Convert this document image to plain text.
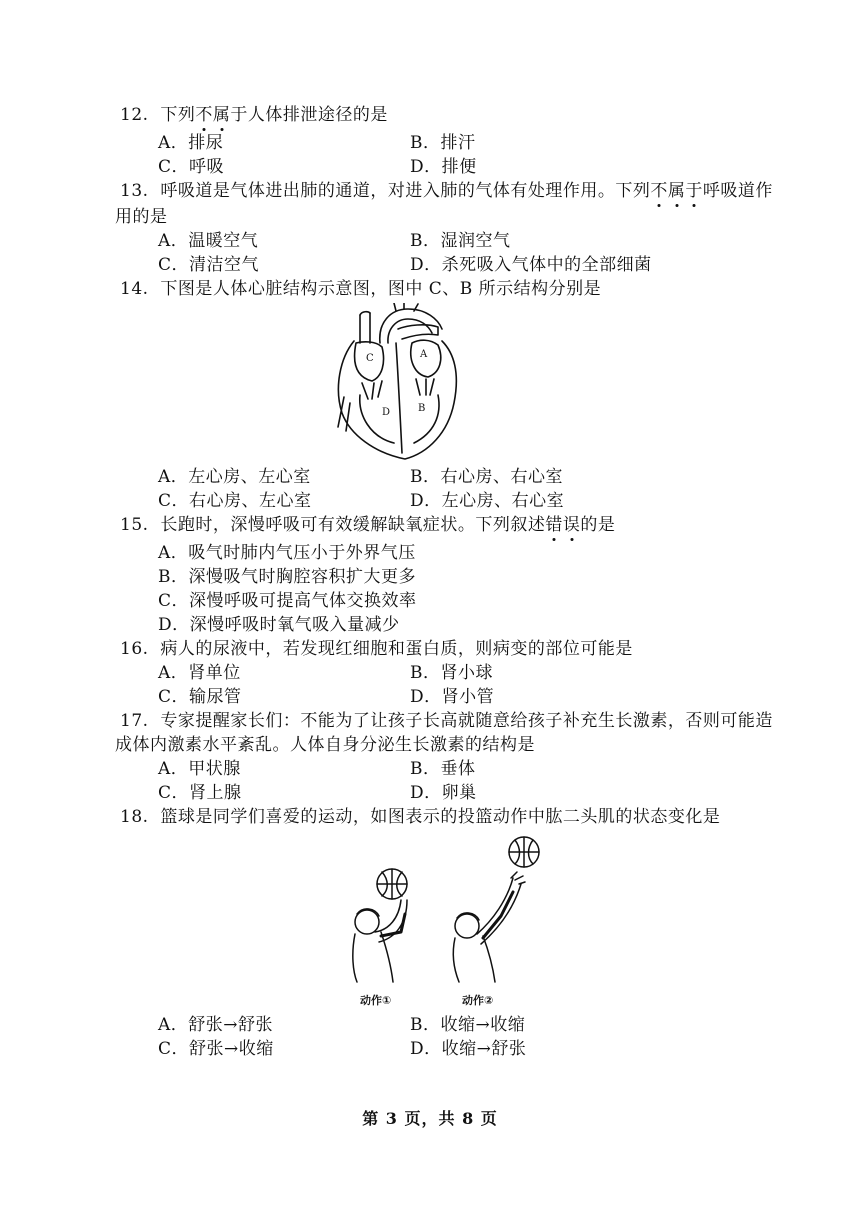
12. 下列不属于人体排泄途径的是
A．排尿	B．排汗
C．呼吸	D．排便
13. 呼吸道是气体进出肺的通道，对进入肺的气体有处理作用。下列不属于呼吸道作
用的是
A．温暖空气	B．湿润空气
C．清洁空气	D．杀死吸入气体中的全部细菌
14. 下图是人体心脏结构示意图，图中 C、B 所示结构分别是
A
B
C
D
A．左心房、左心室	B．右心房、右心室
C．右心房、左心室	D．左心房、右心室
15. 长跑时，深慢呼吸可有效缓解缺氧症状。下列叙述错误的是
A．吸气时肺内气压小于外界气压
B．深慢吸气时胸腔容积扩大更多
C．深慢呼吸可提高气体交换效率
D．深慢呼吸时氧气吸入量减少
16. 病人的尿液中，若发现红细胞和蛋白质，则病变的部位可能是
A．肾单位	B．肾小球
C．输尿管	D．肾小管
17. 专家提醒家长们：不能为了让孩子长高就随意给孩子补充生长激素，否则可能造
成体内激素水平紊乱。人体自身分泌生长激素的结构是
A．甲状腺	B．垂体
C．肾上腺	D．卵巢
18. 篮球是同学们喜爱的运动，如图表示的投篮动作中肱二头肌的状态变化是
动作①	动作②
A．舒张→舒张	B．收缩→收缩
C．舒张→收缩	D．收缩→舒张
第 3 页，共 8 页
